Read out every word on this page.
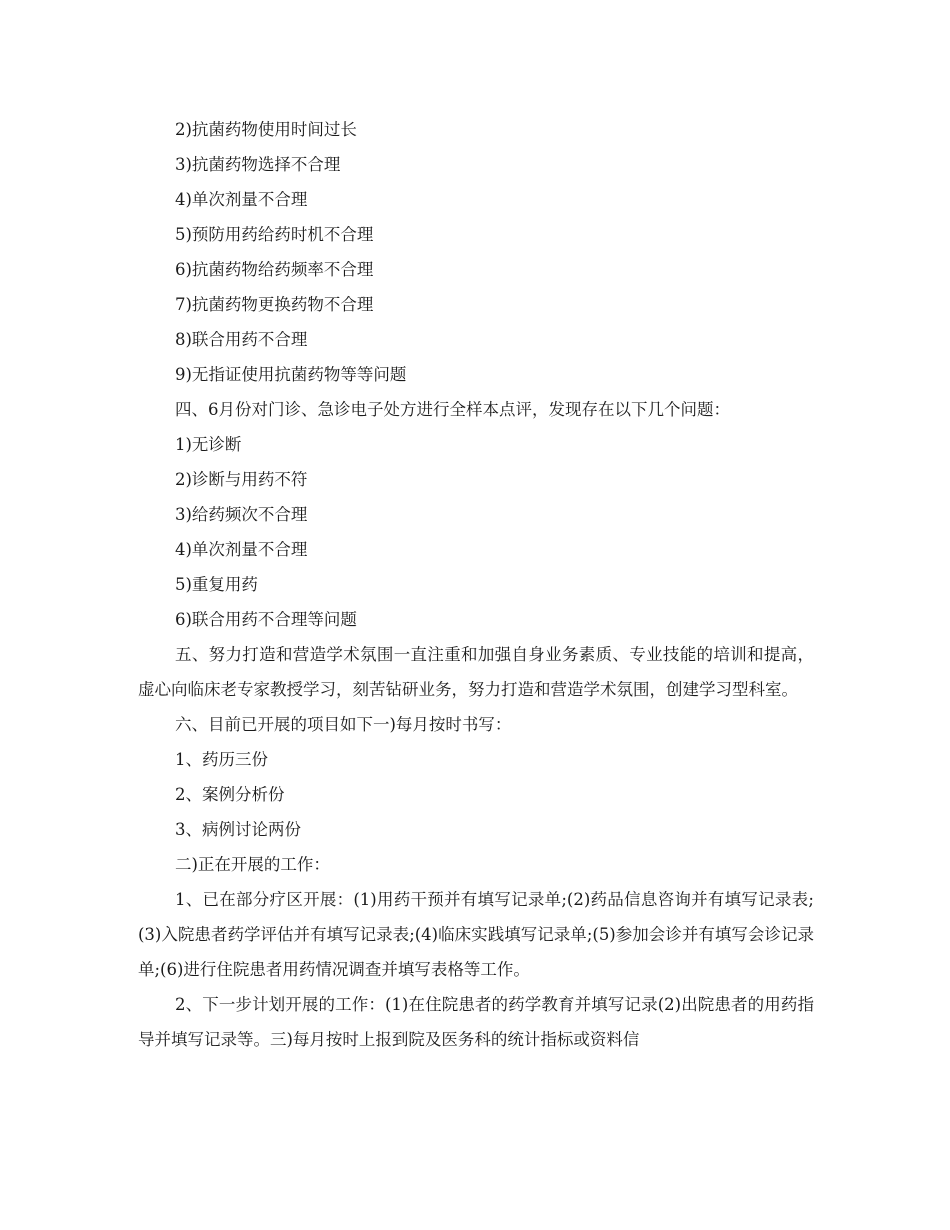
2)抗菌药物使用时间过长

3)抗菌药物选择不合理

4)单次剂量不合理

5)预防用药给药时机不合理

6)抗菌药物给药频率不合理

7)抗菌药物更换药物不合理

8)联合用药不合理

9)无指证使用抗菌药物等等问题

四、6月份对门诊、急诊电子处方进行全样本点评，发现存在以下几个问题：

1)无诊断

2)诊断与用药不符

3)给药频次不合理

4)单次剂量不合理

5)重复用药

6)联合用药不合理等问题

五、努力打造和营造学术氛围一直注重和加强自身业务素质、专业技能的培训和提高，虚心向临床老专家教授学习，刻苦钻研业务，努力打造和营造学术氛围，创建学习型科室。

六、目前已开展的项目如下一)每月按时书写：

1、药历三份

2、案例分析份

3、病例讨论两份

二)正在开展的工作：

1、已在部分疗区开展：(1)用药干预并有填写记录单;(2)药品信息咨询并有填写记录表;(3)入院患者药学评估并有填写记录表;(4)临床实践填写记录单;(5)参加会诊并有填写会诊记录单;(6)进行住院患者用药情况调查并填写表格等工作。

2、下一步计划开展的工作：(1)在住院患者的药学教育并填写记录(2)出院患者的用药指导并填写记录等。三)每月按时上报到院及医务科的统计指标或资料信
